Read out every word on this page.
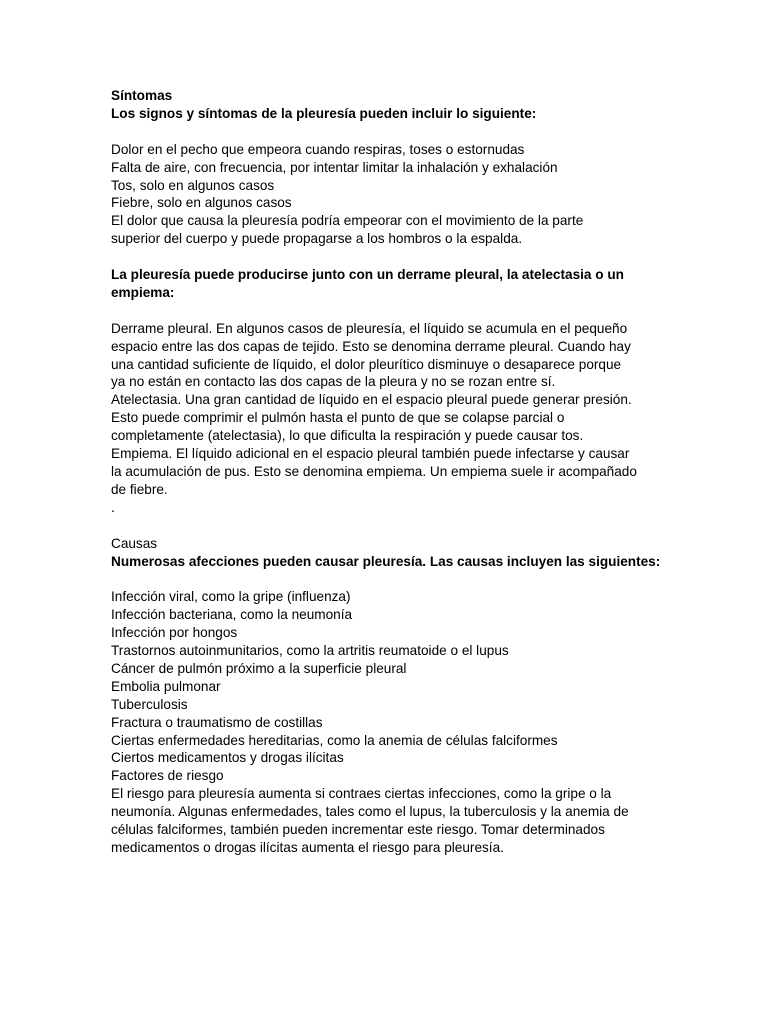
Síntomas

Los signos y síntomas de la pleuresía pueden incluir lo siguiente:

Dolor en el pecho que empeora cuando respiras, toses o estornudas

Falta de aire, con frecuencia, por intentar limitar la inhalación y exhalación

Tos, solo en algunos casos

Fiebre, solo en algunos casos

El dolor que causa la pleuresía podría empeorar con el movimiento de la parte

superior del cuerpo y puede propagarse a los hombros o la espalda.

La pleuresía puede producirse junto con un derrame pleural, la atelectasia o un

empiema:

Derrame pleural. En algunos casos de pleuresía, el líquido se acumula en el pequeño

espacio entre las dos capas de tejido. Esto se denomina derrame pleural. Cuando hay

una cantidad suficiente de líquido, el dolor pleurítico disminuye o desaparece porque

ya no están en contacto las dos capas de la pleura y no se rozan entre sí.

Atelectasia. Una gran cantidad de líquido en el espacio pleural puede generar presión.

Esto puede comprimir el pulmón hasta el punto de que se colapse parcial o

completamente (atelectasia), lo que dificulta la respiración y puede causar tos.

Empiema. El líquido adicional en el espacio pleural también puede infectarse y causar

la acumulación de pus. Esto se denomina empiema. Un empiema suele ir acompañado

de fiebre.

.

Causas

Numerosas afecciones pueden causar pleuresía. Las causas incluyen las siguientes:

Infección viral, como la gripe (influenza)

Infección bacteriana, como la neumonía

Infección por hongos

Trastornos autoinmunitarios, como la artritis reumatoide o el lupus

Cáncer de pulmón próximo a la superficie pleural

Embolia pulmonar

Tuberculosis

Fractura o traumatismo de costillas

Ciertas enfermedades hereditarias, como la anemia de células falciformes

Ciertos medicamentos y drogas ilícitas

Factores de riesgo

El riesgo para pleuresía aumenta si contraes ciertas infecciones, como la gripe o la

neumonía. Algunas enfermedades, tales como el lupus, la tuberculosis y la anemia de

células falciformes, también pueden incrementar este riesgo. Tomar determinados

medicamentos o drogas ilícitas aumenta el riesgo para pleuresía.
